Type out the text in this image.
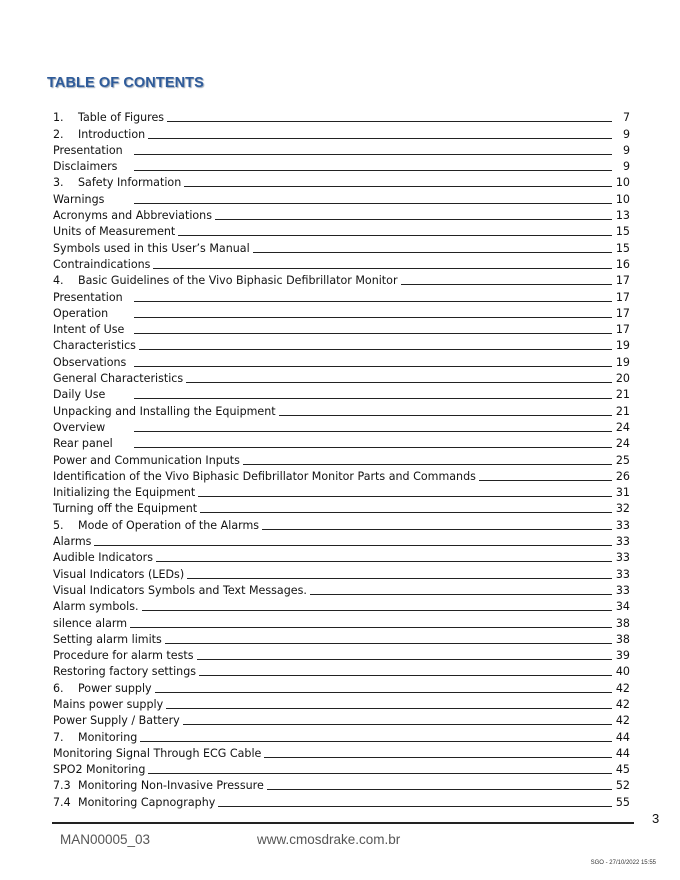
TABLE OF CONTENTS
1.	Table of Figures	7
2.	Introduction	9
Presentation	9
Disclaimers	9
3.	Safety Information	10
Warnings	10
Acronyms and Abbreviations	13
Units of Measurement	15
Symbols used in this User’s Manual	15
Contraindications	16
4.	Basic Guidelines of the Vivo Biphasic Defibrillator Monitor	17
Presentation	17
Operation	17
Intent of Use	17
Characteristics	19
Observations	19
General Characteristics	20
Daily Use	21
Unpacking and Installing the Equipment	21
Overview	24
Rear panel	24
Power and Communication Inputs	25
Identification of the Vivo Biphasic Defibrillator Monitor Parts and Commands	26
Initializing the Equipment	31
Turning off the Equipment	32
5.	Mode of Operation of the Alarms	33
Alarms	33
Audible Indicators	33
Visual Indicators (LEDs)	33
Visual Indicators Symbols and Text Messages.	33
Alarm symbols.	34
silence alarm	38
Setting alarm limits	38
Procedure for alarm tests	39
Restoring factory settings	40
6.	Power supply	42
Mains power supply	42
Power Supply / Battery	42
7.	Monitoring	44
Monitoring Signal Through ECG Cable	44
SPO2 Monitoring	45
7.3 Monitoring Non-Invasive Pressure	52
7.4 Monitoring Capnography	55
3
MAN00005_03	www.cmosdrake.com.br
SGO - 27/10/2022 15:55
